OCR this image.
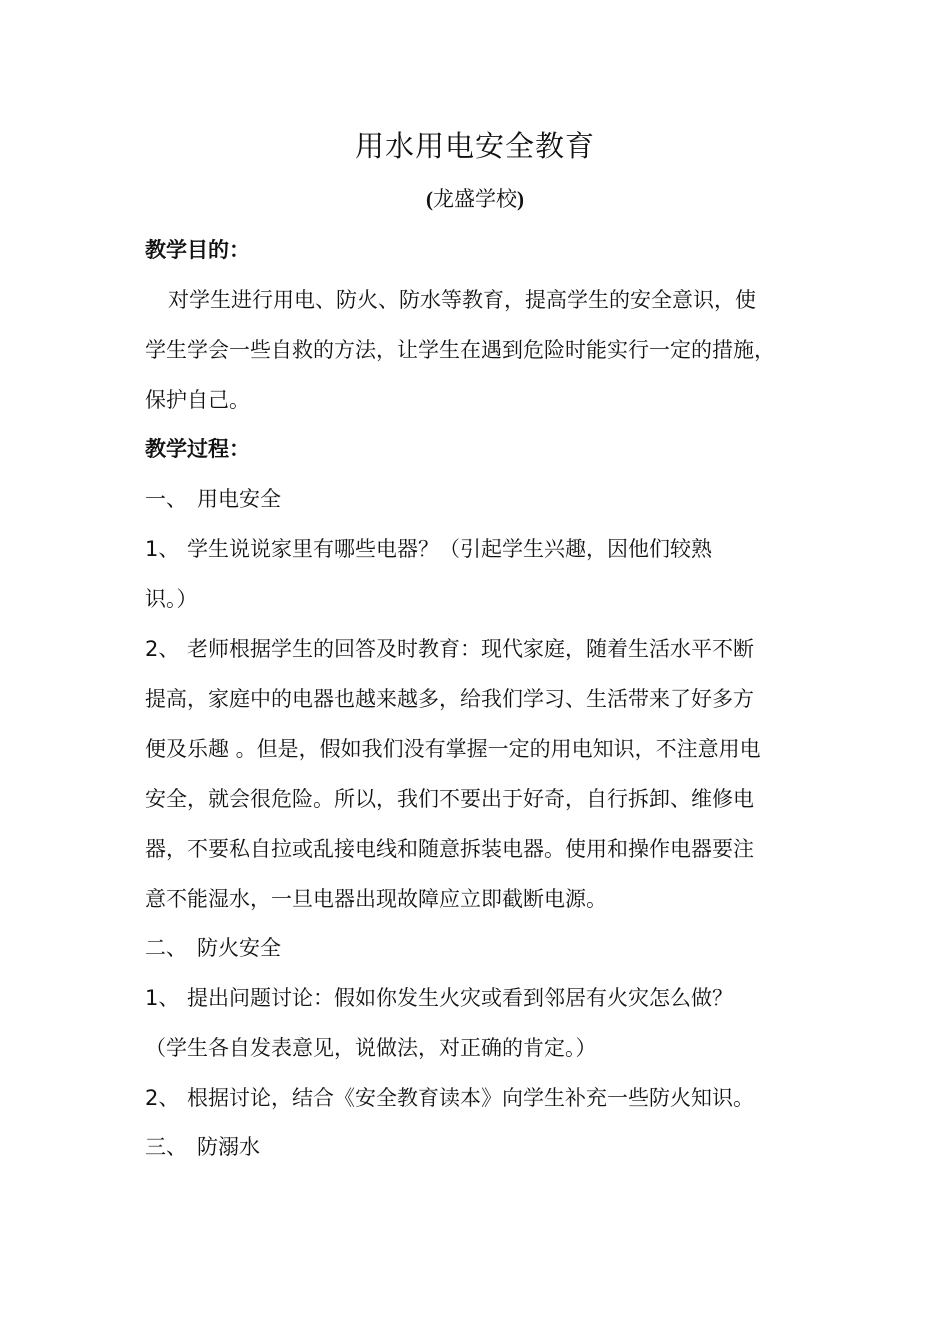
用水用电安全教育
(龙盛学校)
教学目的：
对学生进行用电、防火、防水等教育，提高学生的安全意识，使
学生学会一些自救的方法，让学生在遇到危险时能实行一定的措施，
保护自己。
教学过程：
一、 用电安全
1、 学生说说家里有哪些电器？（引起学生兴趣，因他们较熟
识。）
2、 老师根据学生的回答及时教育：现代家庭，随着生活水平不断
提高，家庭中的电器也越来越多，给我们学习、生活带来了好多方
便及乐趣 。但是，假如我们没有掌握一定的用电知识，不注意用电
安全，就会很危险。所以，我们不要出于好奇，自行拆卸、维修电
器，不要私自拉或乱接电线和随意拆装电器。使用和操作电器要注
意不能湿水，一旦电器出现故障应立即截断电源。
二、 防火安全
1、 提出问题讨论：假如你发生火灾或看到邻居有火灾怎么做？
（学生各自发表意见，说做法，对正确的肯定。）
2、 根据讨论，结合《安全教育读本》向学生补充一些防火知识。
三、 防溺水
